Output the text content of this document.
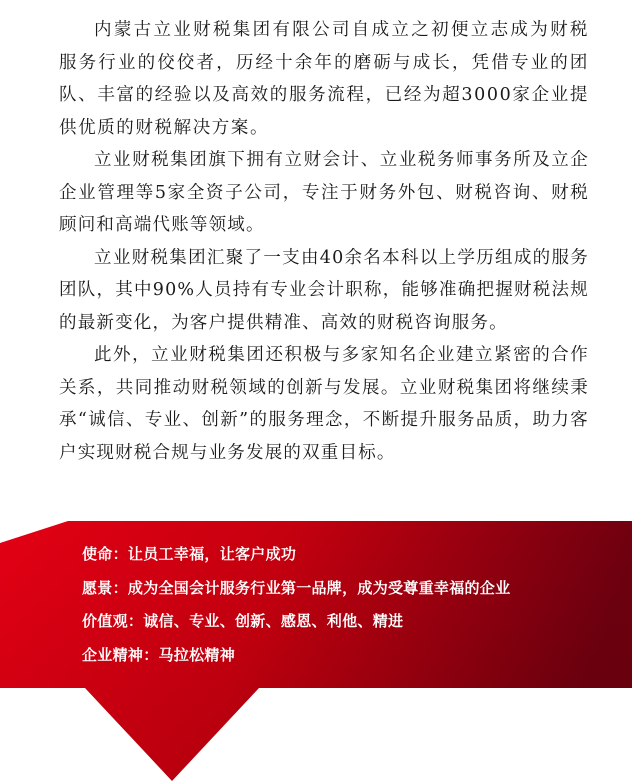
内蒙古立业财税集团有限公司自成立之初便立志成为财税服务行业的佼佼者，历经十余年的磨砺与成长，凭借专业的团队、丰富的经验以及高效的服务流程，已经为超3000家企业提供优质的财税解决方案。

立业财税集团旗下拥有立财会计、立业税务师事务所及立企企业管理等5家全资子公司，专注于财务外包、财税咨询、财税顾问和高端代账等领域。

立业财税集团汇聚了一支由40余名本科以上学历组成的服务团队，其中90%人员持有专业会计职称，能够准确把握财税法规的最新变化，为客户提供精准、高效的财税咨询服务。

此外，立业财税集团还积极与多家知名企业建立紧密的合作关系，共同推动财税领域的创新与发展。立业财税集团将继续秉承“诚信、专业、创新”的服务理念，不断提升服务品质，助力客户实现财税合规与业务发展的双重目标。

使命：让员工幸福，让客户成功
愿景：成为全国会计服务行业第一品牌，成为受尊重幸福的企业
价值观：诚信、专业、创新、感恩、利他、精进
企业精神：马拉松精神
